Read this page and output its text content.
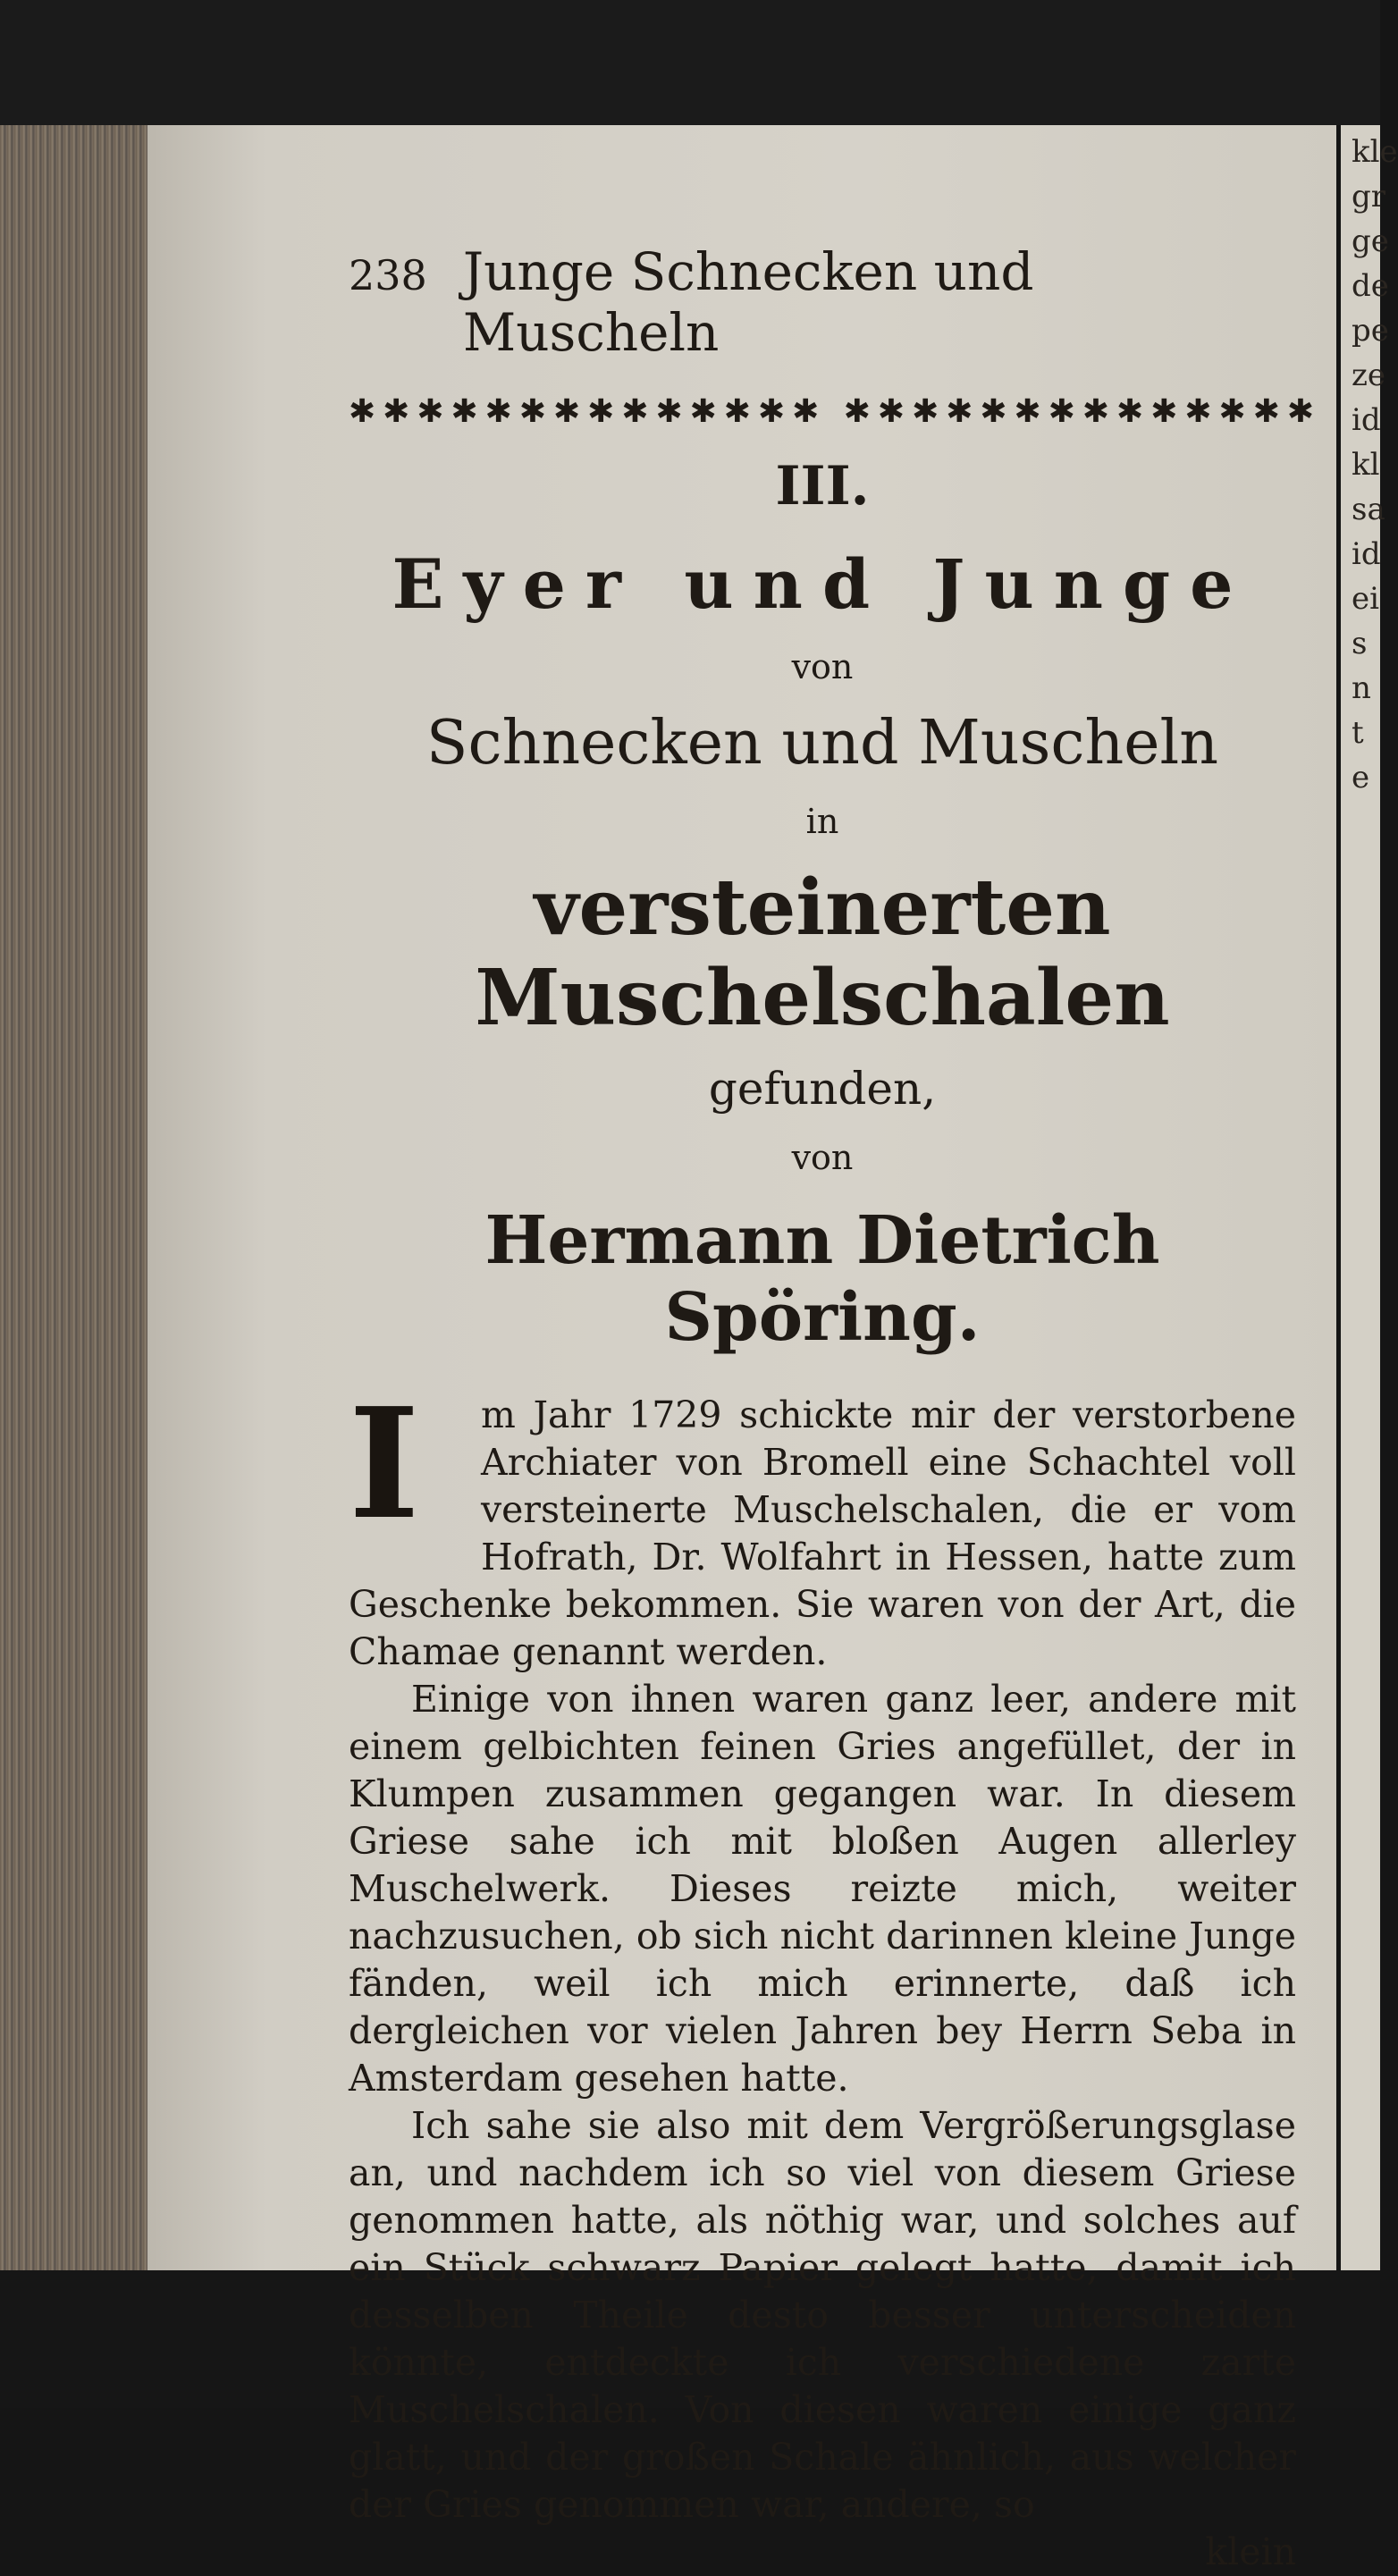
kle
gr
ge
de
pe
ze
id
kl
sa
id
ei
s
n
t
e
238 Junge Schnecken und Muscheln
✱✱✱✱✱✱✱✱✱✱✱✱✱✱ ✱✱✱✱✱✱✱✱✱✱✱✱✱✱
III.
Eyer und Junge
von
Schnecken und Muscheln
in
versteinerten Muschelschalen
gefunden,
von
Hermann Dietrich Spöring.
I	m Jahr 1729 schickte mir der verstorbene Archiater von Bromell eine Schachtel voll versteinerte Muschelschalen, die er vom Hofrath, Dr. Wolfahrt in Hessen, hatte zum Geschenke bekommen. Sie waren von der Art, die Chamae genannt werden.

Einige von ihnen waren ganz leer, andere mit einem gelbichten feinen Gries angefüllet, der in Klumpen zusammen gegangen war. In diesem Griese sahe ich mit bloßen Augen allerley Muschelwerk. Dieses reizte mich, weiter nachzusuchen, ob sich nicht darinnen kleine Junge fänden, weil ich mich erinnerte, daß ich dergleichen vor vielen Jahren bey Herrn Seba in Amsterdam gesehen hatte.

Ich sahe sie also mit dem Vergrößerungsglase an, und nachdem ich so viel von diesem Griese genommen hatte, als nöthig war, und solches auf ein Stück schwarz Papier gelegt hatte, damit ich desselben Theile desto besser unterscheiden könnte, entdeckte ich verschiedene zarte Muschelschalen. Von diesen waren einige ganz glatt, und der großen Schale ähnlich, aus welcher der Gries genommen war, andere, so

klein
